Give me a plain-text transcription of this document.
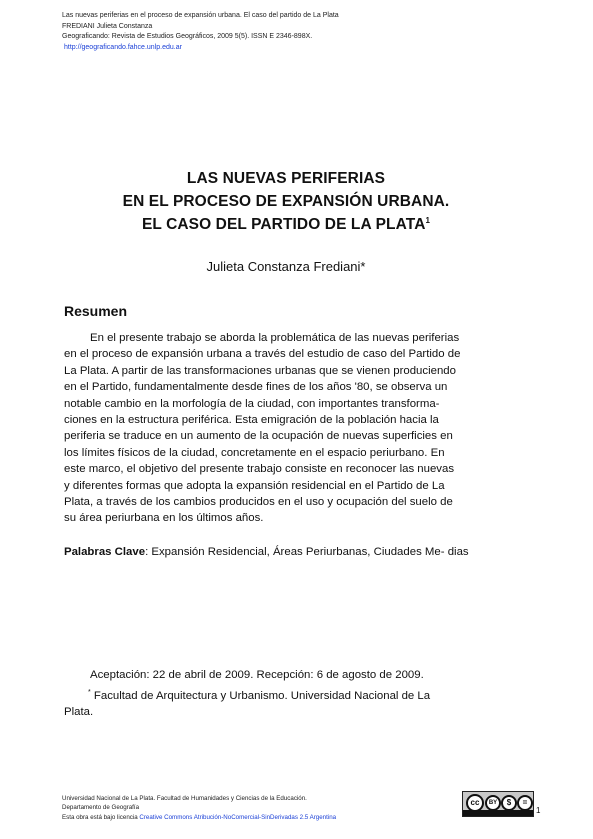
Las nuevas periferias en el proceso de expansión urbana. El caso del partido de La Plata
FREDIANI Julieta Constanza
Geograficando: Revista de Estudios Geográficos, 2009 5(5). ISSN E 2346-898X.
http://geograficando.fahce.unlp.edu.ar
LAS NUEVAS PERIFERIAS
EN EL PROCESO DE EXPANSIÓN URBANA.
EL CASO DEL PARTIDO DE LA PLATA$^1$
Julieta Constanza Frediani*
Resumen
En el presente trabajo se aborda la problemática de las nuevas periferias
en el proceso de expansión urbana a través del estudio de caso del Partido de
La Plata. A partir de las transformaciones urbanas que se vienen produciendo
en el Partido, fundamentalmente desde fines de los años '80, se observa un
notable cambio en la morfología de la ciudad, con importantes transforma-
ciones en la estructura periférica. Esta emigración de la población hacia la
periferia se traduce en un aumento de la ocupación de nuevas superficies en
los límites físicos de la ciudad, concretamente en el espacio periurbano. En
este marco, el objetivo del presente trabajo consiste en reconocer las nuevas
y diferentes formas que adopta la expansión residencial en el Partido de La
Plata, a través de los cambios producidos en el uso y ocupación del suelo de
su área periurbana en los últimos años.
Palabras Clave: Expansión Residencial, Áreas Periurbanas, Ciudades Me- dias
Aceptación: 22 de abril de 2009. Recepción: 6 de agosto de 2009.
* Facultad de Arquitectura y Urbanismo. Universidad Nacional de La
Plata.
Universidad Nacional de La Plata. Facultad de Humanidades y Ciencias de la Educación.
Departamento de Geografía
Esta obra está bajo licencia Creative Commons Atribución-NoComercial-SinDerivadas 2.5 Argentina
cc	BY	$	=
1
